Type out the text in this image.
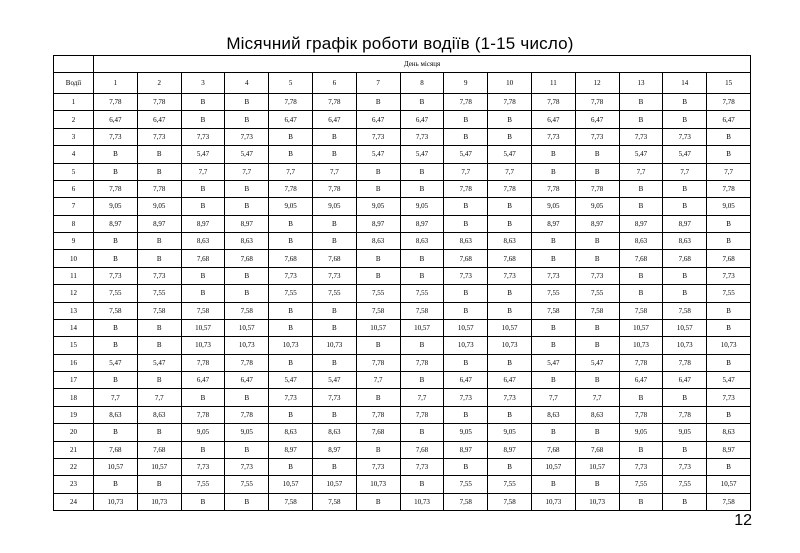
Місячний графік роботи водіїв (1-15 число)
	День місяця														
Водії	1	2	3	4	5	6	7	8	9	10	11	12	13	14	15
1	7,78	7,78	В	В	7,78	7,78	В	В	7,78	7,78	7,78	7,78	В	В	7,78
2	6,47	6,47	В	В	6,47	6,47	6,47	6,47	В	В	6,47	6,47	В	В	6,47
3	7,73	7,73	7,73	7,73	В	В	7,73	7,73	В	В	7,73	7,73	7,73	7,73	В
4	В	В	5,47	5,47	В	В	5,47	5,47	5,47	5,47	В	В	5,47	5,47	В
5	В	В	7,7	7,7	7,7	7,7	В	В	7,7	7,7	В	В	7,7	7,7	7,7
6	7,78	7,78	В	В	7,78	7,78	В	В	7,78	7,78	7,78	7,78	В	В	7,78
7	9,05	9,05	В	В	9,05	9,05	9,05	9,05	В	В	9,05	9,05	В	В	9,05
8	8,97	8,97	8,97	8,97	В	В	8,97	8,97	В	В	8,97	8,97	8,97	8,97	В
9	В	В	8,63	8,63	В	В	8,63	8,63	8,63	8,63	В	В	8,63	8,63	В
10	В	В	7,68	7,68	7,68	7,68	В	В	7,68	7,68	В	В	7,68	7,68	7,68
11	7,73	7,73	В	В	7,73	7,73	В	В	7,73	7,73	7,73	7,73	В	В	7,73
12	7,55	7,55	В	В	7,55	7,55	7,55	7,55	В	В	7,55	7,55	В	В	7,55
13	7,58	7,58	7,58	7,58	В	В	7,58	7,58	В	В	7,58	7,58	7,58	7,58	В
14	В	В	10,57	10,57	В	В	10,57	10,57	10,57	10,57	В	В	10,57	10,57	В
15	В	В	10,73	10,73	10,73	10,73	В	В	10,73	10,73	В	В	10,73	10,73	10,73
16	5,47	5,47	7,78	7,78	В	В	7,78	7,78	В	В	5,47	5,47	7,78	7,78	В
17	В	В	6,47	6,47	5,47	5,47	7,7	В	6,47	6,47	В	В	6,47	6,47	5,47
18	7,7	7,7	В	В	7,73	7,73	В	7,7	7,73	7,73	7,7	7,7	В	В	7,73
19	8,63	8,63	7,78	7,78	В	В	7,78	7,78	В	В	8,63	8,63	7,78	7,78	В
20	В	В	9,05	9,05	8,63	8,63	7,68	В	9,05	9,05	В	В	9,05	9,05	8,63
21	7,68	7,68	В	В	8,97	8,97	В	7,68	8,97	8,97	7,68	7,68	В	В	8,97
22	10,57	10,57	7,73	7,73	В	В	7,73	7,73	В	В	10,57	10,57	7,73	7,73	В
23	В	В	7,55	7,55	10,57	10,57	10,73	В	7,55	7,55	В	В	7,55	7,55	10,57
24	10,73	10,73	В	В	7,58	7,58	В	10,73	7,58	7,58	10,73	10,73	В	В	7,58
12
